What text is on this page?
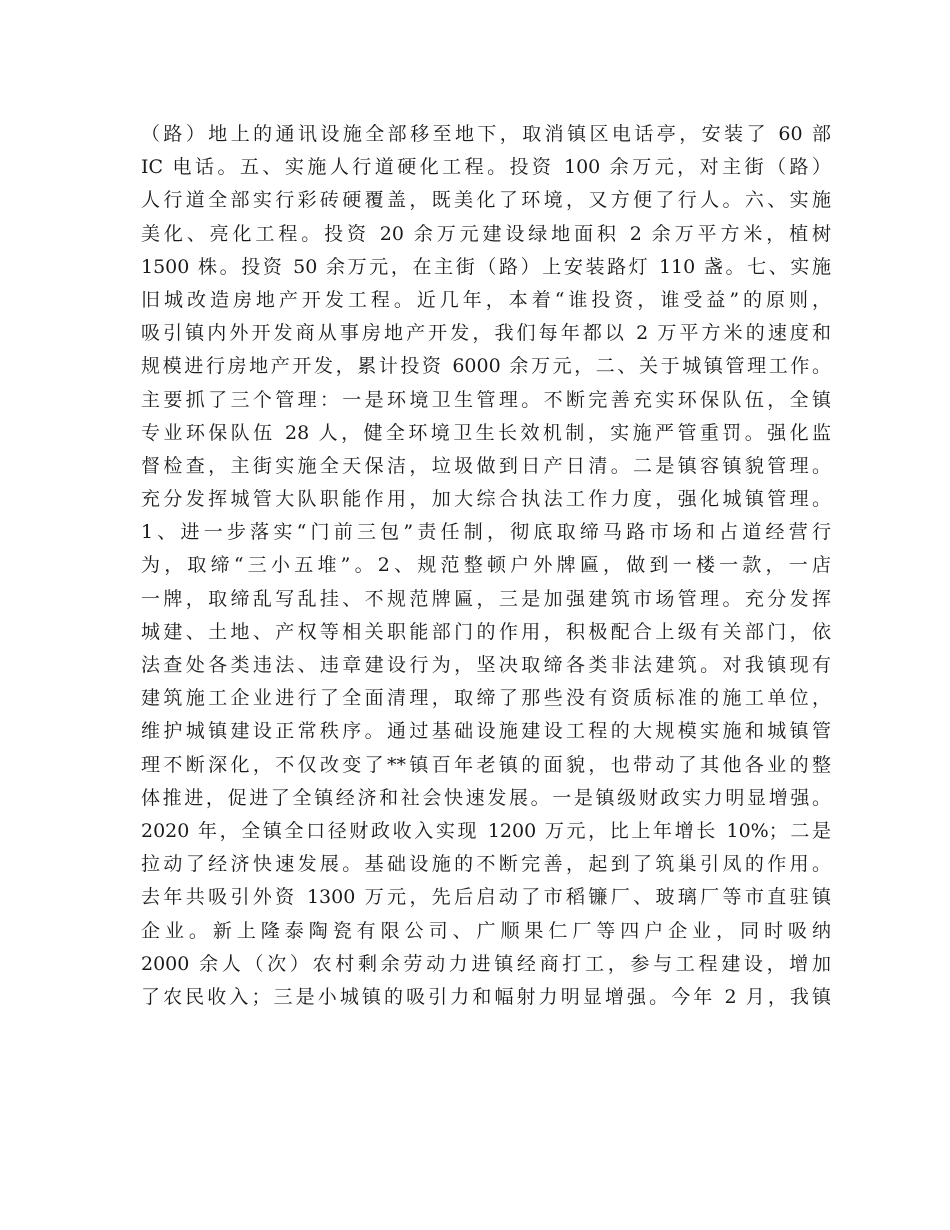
（路）地上的通讯设施全部移至地下，取消镇区电话亭，安装了 60 部
IC 电话。五、实施人行道硬化工程。投资 100 余万元，对主街（路）
人行道全部实行彩砖硬覆盖，既美化了环境，又方便了行人。六、实施
美化、亮化工程。投资 20 余万元建设绿地面积 2 余万平方米，植树
1500 株。投资 50 余万元，在主街（路）上安装路灯 110 盏。七、实施
旧城改造房地产开发工程。近几年，本着“谁投资，谁受益”的原则，
吸引镇内外开发商从事房地产开发，我们每年都以 2 万平方米的速度和
规模进行房地产开发，累计投资 6000 余万元，二、关于城镇管理工作。
主要抓了三个管理：一是环境卫生管理。不断完善充实环保队伍，全镇
专业环保队伍 28 人，健全环境卫生长效机制，实施严管重罚。强化监
督检查，主街实施全天保洁，垃圾做到日产日清。二是镇容镇貌管理。
充分发挥城管大队职能作用，加大综合执法工作力度，强化城镇管理。
1、进一步落实“门前三包”责任制，彻底取缔马路市场和占道经营行
为，取缔“三小五堆”。2、规范整顿户外牌匾，做到一楼一款，一店
一牌，取缔乱写乱挂、不规范牌匾，三是加强建筑市场管理。充分发挥
城建、土地、产权等相关职能部门的作用，积极配合上级有关部门，依
法查处各类违法、违章建设行为，坚决取缔各类非法建筑。对我镇现有
建筑施工企业进行了全面清理，取缔了那些没有资质标准的施工单位，
维护城镇建设正常秩序。通过基础设施建设工程的大规模实施和城镇管
理不断深化，不仅改变了**镇百年老镇的面貌，也带动了其他各业的整
体推进，促进了全镇经济和社会快速发展。一是镇级财政实力明显增强。
2020 年，全镇全口径财政收入实现 1200 万元，比上年增长 10%；二是
拉动了经济快速发展。基础设施的不断完善，起到了筑巢引凤的作用。
去年共吸引外资 1300 万元，先后启动了市稻镰厂、玻璃厂等市直驻镇
企业。新上隆泰陶瓷有限公司、广顺果仁厂等四户企业，同时吸纳
2000 余人（次）农村剩余劳动力进镇经商打工，参与工程建设，增加
了农民收入；三是小城镇的吸引力和幅射力明显增强。今年 2 月，我镇
